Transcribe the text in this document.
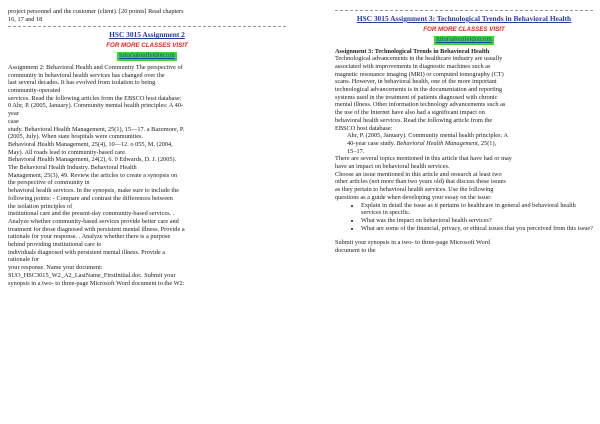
project personnel and the customer (client). [20 points] Read chapters
16, 17 and 18

HSC 3015 Assignment 2
FOR MORE CLASSES VISIT
tutorialoutletdotcom

Assignment 2: Behavioral Health and Community The perspective of
community in behavioral health services has changed over the
last several decades. It has evolved from isolation to being
community-operated
services. Read the following articles from the EBSCO host database:
0 Ahr, P. (2005, January). Community mental health principles: A 40-
year
case
study. Behavioral Health Management, 25(1), 15—17. a Bazemore, P.
(2005, July). When state hospitals were communities.
Behavioral Health Management, 25(4), 10—12. o 055, M. (2004,
May). All roads lead to community-based care.
Behavioral Health Management, 24(2), 6. 0 Edwards, D. J. (2005).
The Behavioral Health Industry. Behavioral Health
Management, 25(3), 49. Review the articles to create a synopsis on
the perspective of community in
behavioral health services. In the synopsis, make sure to include the
following points: - Compare and contrast the differences between
the isolation principles of
institutional care and the present-day community-based services. .
Analyze whether community-based services provide better care and
treatment for those diagnosed with persistent mental illness. Provide a
rationale for your response. . Analyze whether there is a purpose
behind providing institutional care to
individuals diagnosed with persistent mental illness. Provide a
rationale for
your response. Name your document:
SUO_HSC3015_W2_A2_LastName_FirstInitial.doc. Submit your
synopsis in a two- to three-page Microsoft Word document to the W2:

HSC 3015 Assignment 3: Technological Trends in Behavioral Health
FOR MORE CLASSES VISIT
tutorialoutletdotcom
Assignment 3: Technological Trends in Behavioral Health

Technological advancements in the healthcare industry are usually
associated with improvements in diagnostic machines such as
magnetic resonance imaging (MRI) or computed tomography (CT)
scans. However, in behavioral health, one of the more important
technological advancements is in the documentation and reporting
systems used in the treatment of patients diagnosed with chronic
mental illness. Other information technology advancements such as
the use of the Internet have also had a significant impact on
behavioral health services. Read the following article from the
EBSCO host database:

Ahr, P. (2005, January). Community mental health principles: A
40-year case study. Behavioral Health Management, 25(1),
15–17.

There are several topics mentioned in this article that have had or may
have an impact on behavioral health services.
Choose an issue mentioned in this article and research at least two
other articles (not more than two years old) that discuss these issues
as they pertain to behavioral health services. Use the following
questions as a guide when developing your essay on the issue:

• Explain in detail the issue as it pertains to healthcare in general and behavioral health services in specific.
• What was the impact on behavioral health services?
• What are some of the financial, privacy, or ethical issues that you perceived from this issue?

Submit your synopsis in a two- to three-page Microsoft Word
document to the
